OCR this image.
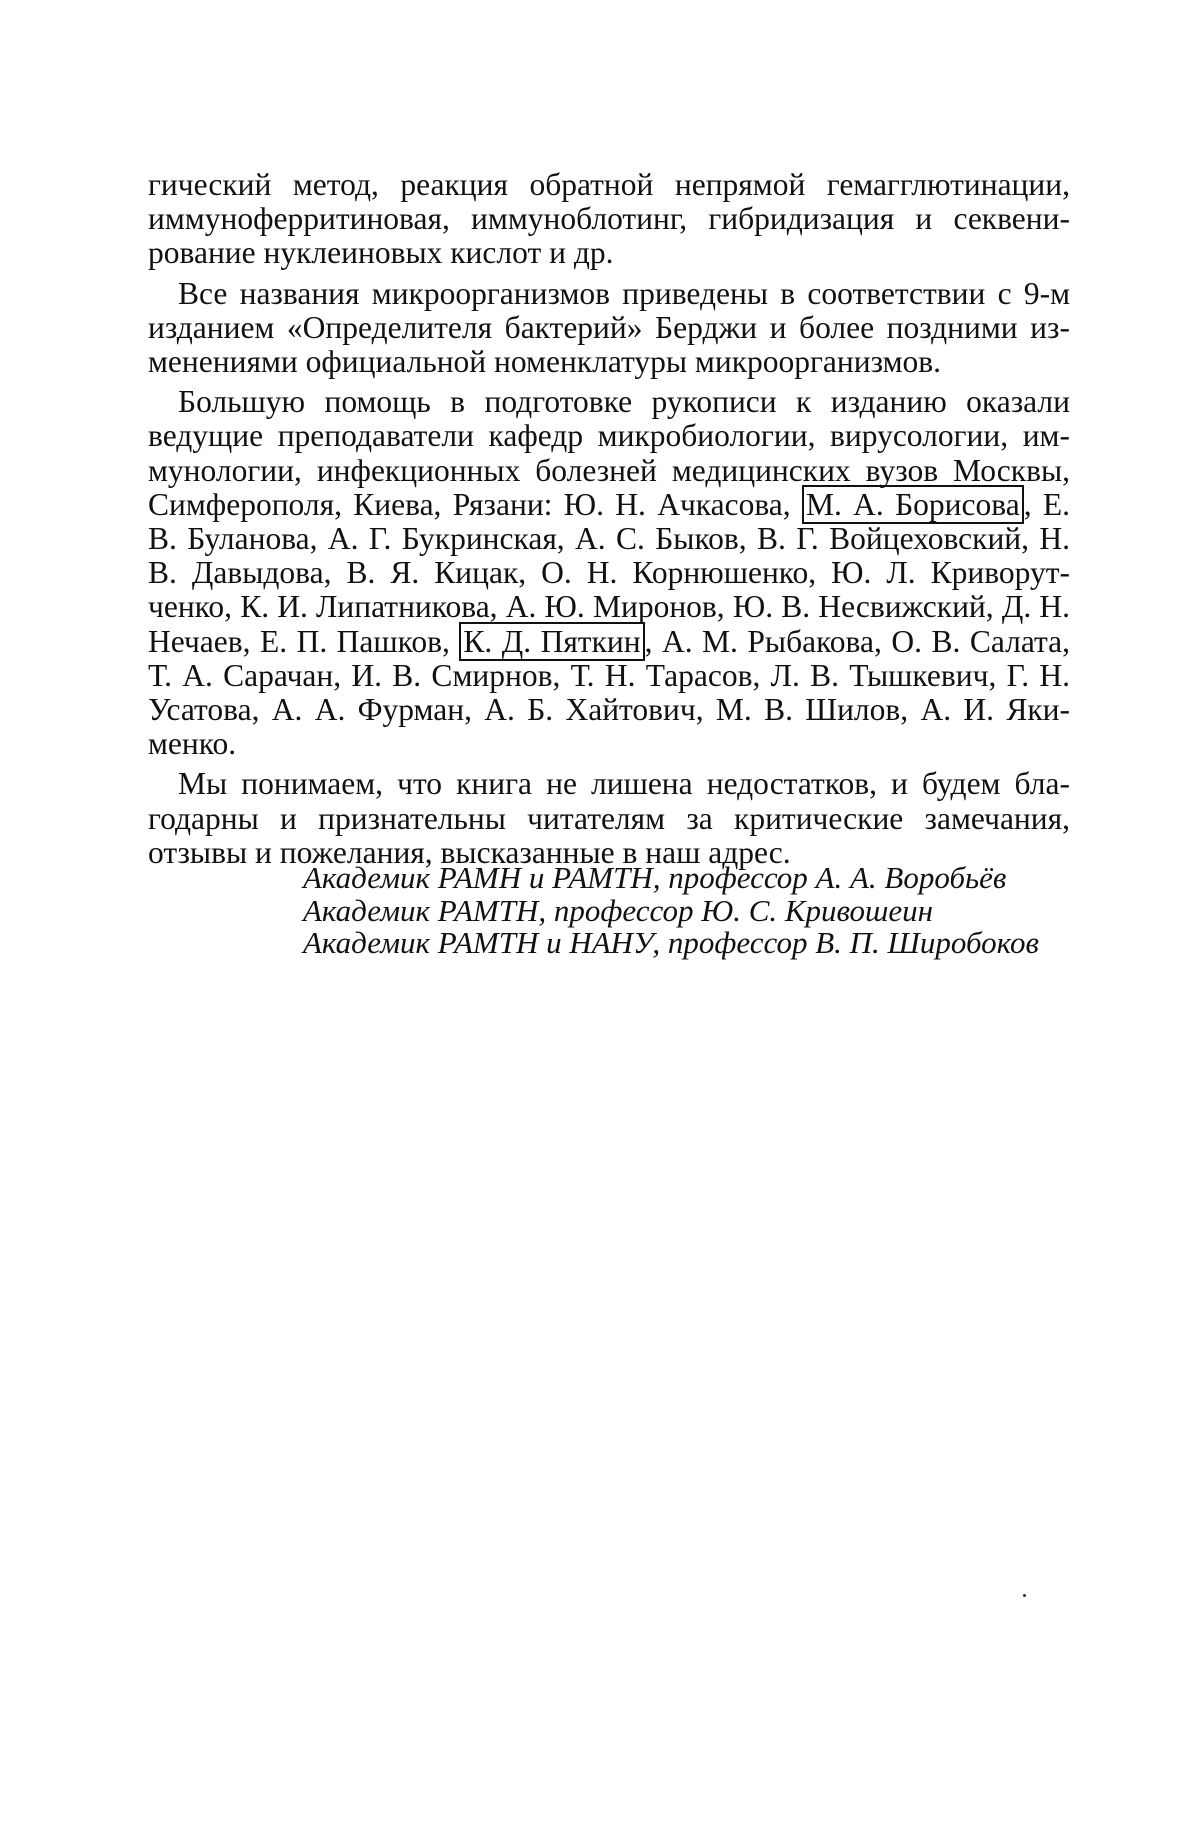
гический метод, реакция обратной непрямой гемагглютинации, иммуноферритиновая, иммуноблотинг, гибридизация и секвенирование нуклеиновых кислот и др.

Все названия микроорганизмов приведены в соответствии с 9-м изданием «Определителя бактерий» Берджи и более поздними изменениями официальной номенклатуры микроорганизмов.

Большую помощь в подготовке рукописи к изданию оказали ведущие преподаватели кафедр микробиологии, вирусологии, иммунологии, инфекционных болезней медицинских вузов Москвы, Симферополя, Киева, Рязани: Ю. Н. Ачкасова, М. А. Борисова , Е. В. Буланова, А. Г. Букринская, А. С. Быков, В. Г. Войцеховский, Н. В. Давыдова, В. Я. Кицак, О. Н. Корнюшенко, Ю. Л. Криворутченко, К. И. Липатникова, А. Ю. Миронов, Ю. В. Несвижский, Д. Н. Нечаев, Е. П. Пашков, К. Д. Пяткин , А. М. Рыбакова, О. В. Салата, Т. А. Сарачан, И. В. Смирнов, Т. Н. Тарасов, Л. В. Тышкевич, Г. Н. Усатова, А. А. Фурман, А. Б. Хайтович, М. В. Шилов, А. И. Якименко.

Мы понимаем, что книга не лишена недостатков, и будем благодарны и признательны читателям за критические замечания, отзывы и пожелания, высказанные в наш адрес.

Академик РАМН и РАМТН, профессор А. А. Воробьёв
Академик РАМТН, профессор Ю. С. Кривошеин
Академик РАМТН и НАНУ, профессор В. П. Широбоков
